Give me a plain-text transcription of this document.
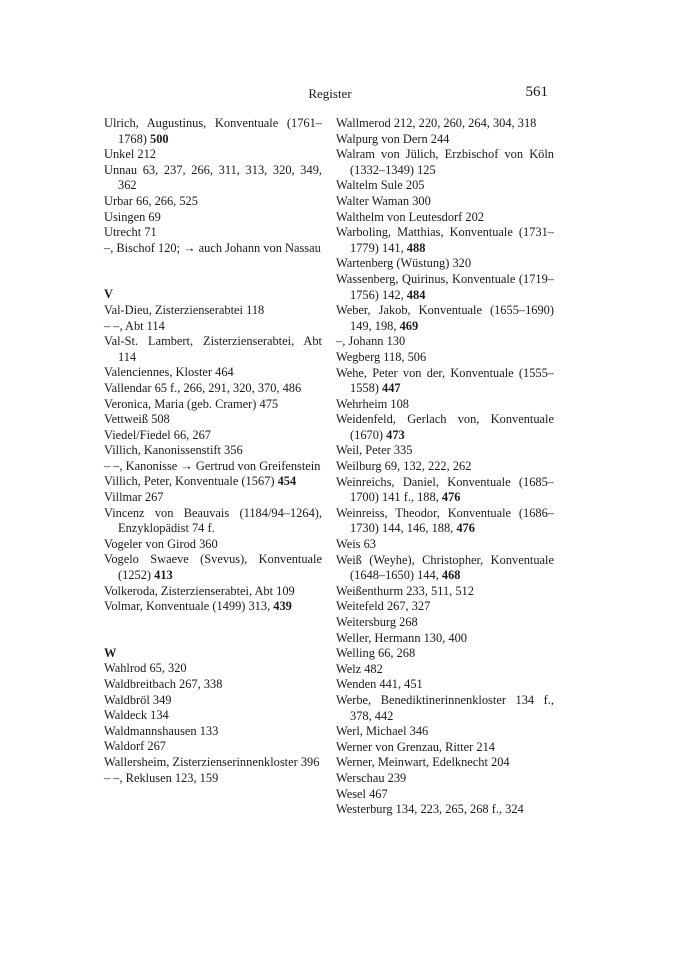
Register	561
Ulrich, Augustinus, Konventuale (1761–1768) 500
Unkel 212
Unnau 63, 237, 266, 311, 313, 320, 349, 362
Urbar 66, 266, 525
Usingen 69
Utrecht 71
–, Bischof 120; → auch Johann von Nassau
V
Val-Dieu, Zisterzienserabtei 118
– –, Abt 114
Val-St. Lambert, Zisterzienserabtei, Abt 114
Valenciennes, Kloster 464
Vallendar 65 f., 266, 291, 320, 370, 486
Veronica, Maria (geb. Cramer) 475
Vettweiß 508
Viedel/Fiedel 66, 267
Villich, Kanonissenstift 356
– –, Kanonisse → Gertrud von Greifenstein
Villich, Peter, Konventuale (1567) 454
Villmar 267
Vincenz von Beauvais (1184/94–1264), Enzyklopädist 74 f.
Vogeler von Girod 360
Vogelo Swaeve (Svevus), Konventuale (1252) 413
Volkeroda, Zisterzienserabtei, Abt 109
Volmar, Konventuale (1499) 313, 439
W
Wahlrod 65, 320
Waldbreitbach 267, 338
Waldbröl 349
Waldeck 134
Waldmannshausen 133
Waldorf 267
Wallersheim, Zisterzienserinnenkloster 396
– –, Reklusen 123, 159
Wallmerod 212, 220, 260, 264, 304, 318
Walpurg von Dern 244
Walram von Jülich, Erzbischof von Köln (1332–1349) 125
Waltelm Sule 205
Walter Waman 300
Walthelm von Leutesdorf 202
Warboling, Matthias, Konventuale (1731–1779) 141, 488
Wartenberg (Wüstung) 320
Wassenberg, Quirinus, Konventuale (1719–1756) 142, 484
Weber, Jakob, Konventuale (1655–1690) 149, 198, 469
–, Johann 130
Wegberg 118, 506
Wehe, Peter von der, Konventuale (1555–1558) 447
Wehrheim 108
Weidenfeld, Gerlach von, Konventuale (1670) 473
Weil, Peter 335
Weilburg 69, 132, 222, 262
Weinreichs, Daniel, Konventuale (1685–1700) 141 f., 188, 476
Weinreiss, Theodor, Konventuale (1686–1730) 144, 146, 188, 476
Weis 63
Weiß (Weyhe), Christopher, Konventuale (1648–1650) 144, 468
Weißenthurm 233, 511, 512
Weitefeld 267, 327
Weitersburg 268
Weller, Hermann 130, 400
Welling 66, 268
Welz 482
Wenden 441, 451
Werbe, Benediktinerinnenkloster 134 f., 378, 442
Werl, Michael 346
Werner von Grenzau, Ritter 214
Werner, Meinwart, Edelknecht 204
Werschau 239
Wesel 467
Westerburg 134, 223, 265, 268 f., 324
